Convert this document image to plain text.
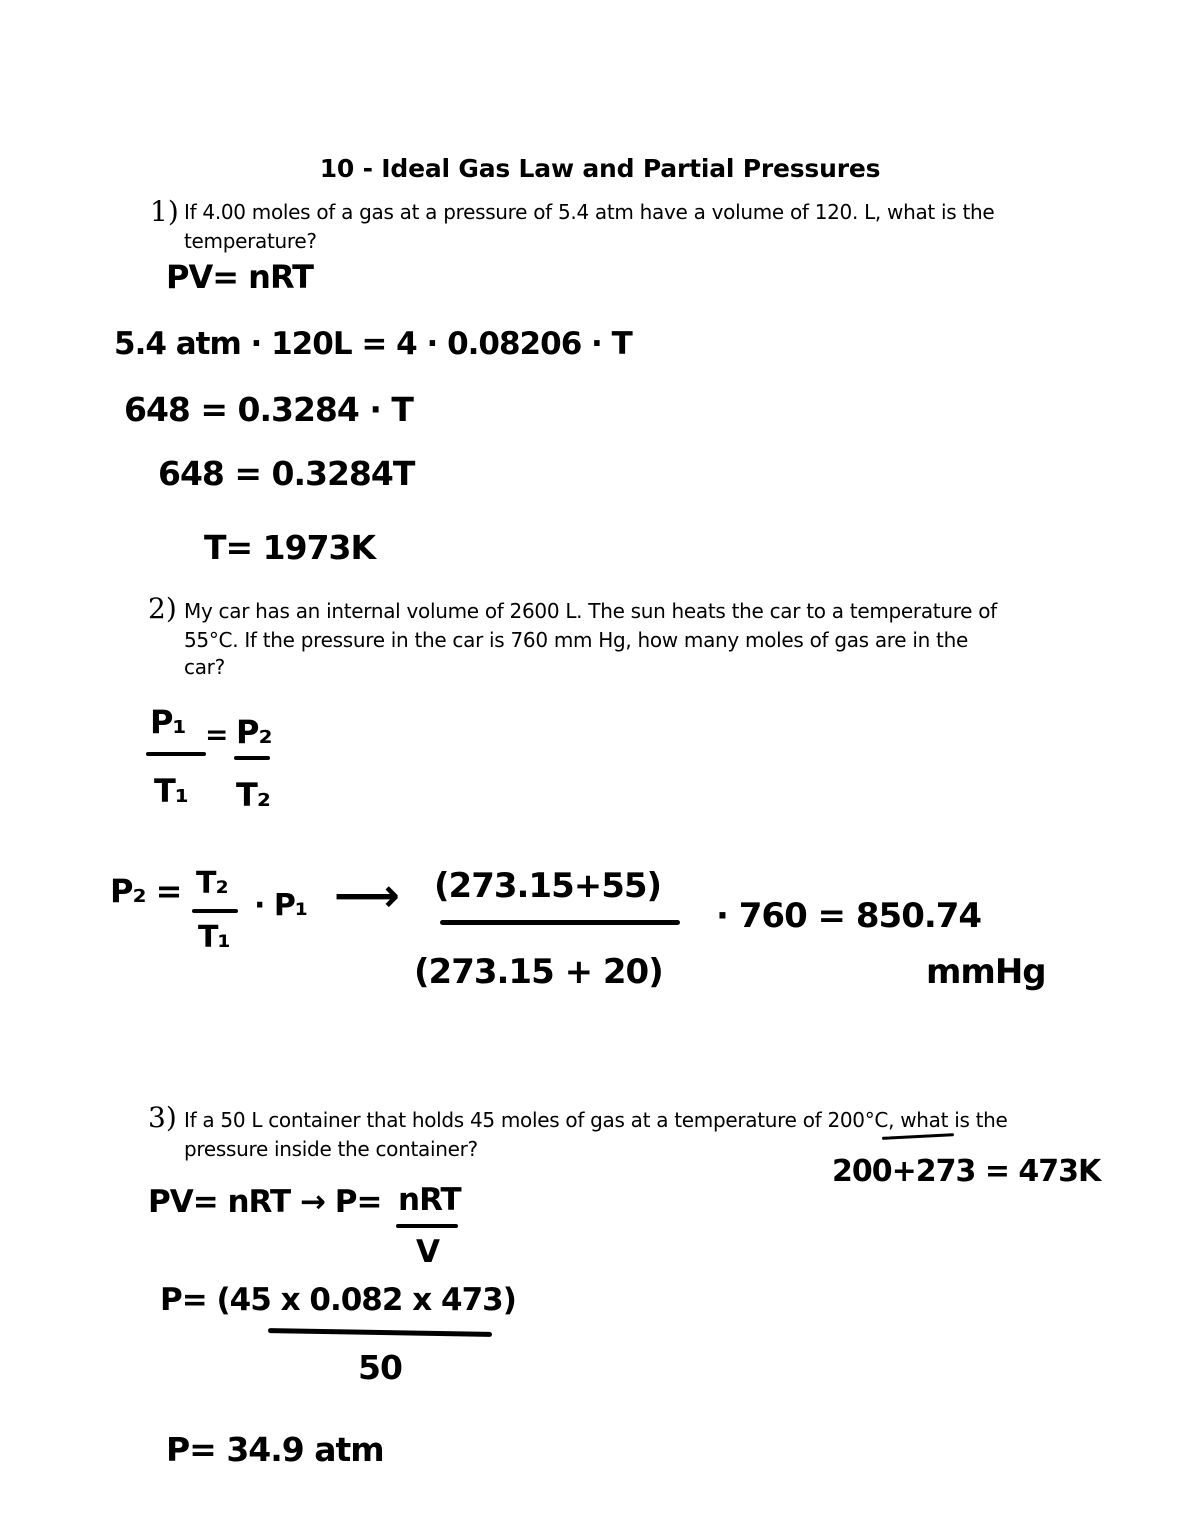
10 - Ideal Gas Law and Partial Pressures
1) If 4.00 moles of a gas at a pressure of 5.4 atm have a volume of 120. L, what is the
temperature?
PV= nRT
5.4 atm · 120L = 4 · 0.08206 · T
648 = 0.3284 · T
648 = 0.3284T
T= 1973K
2) My car has an internal volume of 2600 L. The sun heats the car to a temperature of
55°C. If the pressure in the car is 760 mm Hg, how many moles of gas are in the
car?
P₁ = P₂
T₁ T₂
P₂ = T₂
T₁
· P₁ ⟶ (273.15+55)
(273.15 + 20)
· 760 = 850.74
mmHg
3) If a 50 L container that holds 45 moles of gas at a temperature of 200°C, what is the
pressure inside the container?
200+273 = 473K
PV= nRT → P= nRT
V
P= (45 x 0.082 x 473)
50
P= 34.9 atm
